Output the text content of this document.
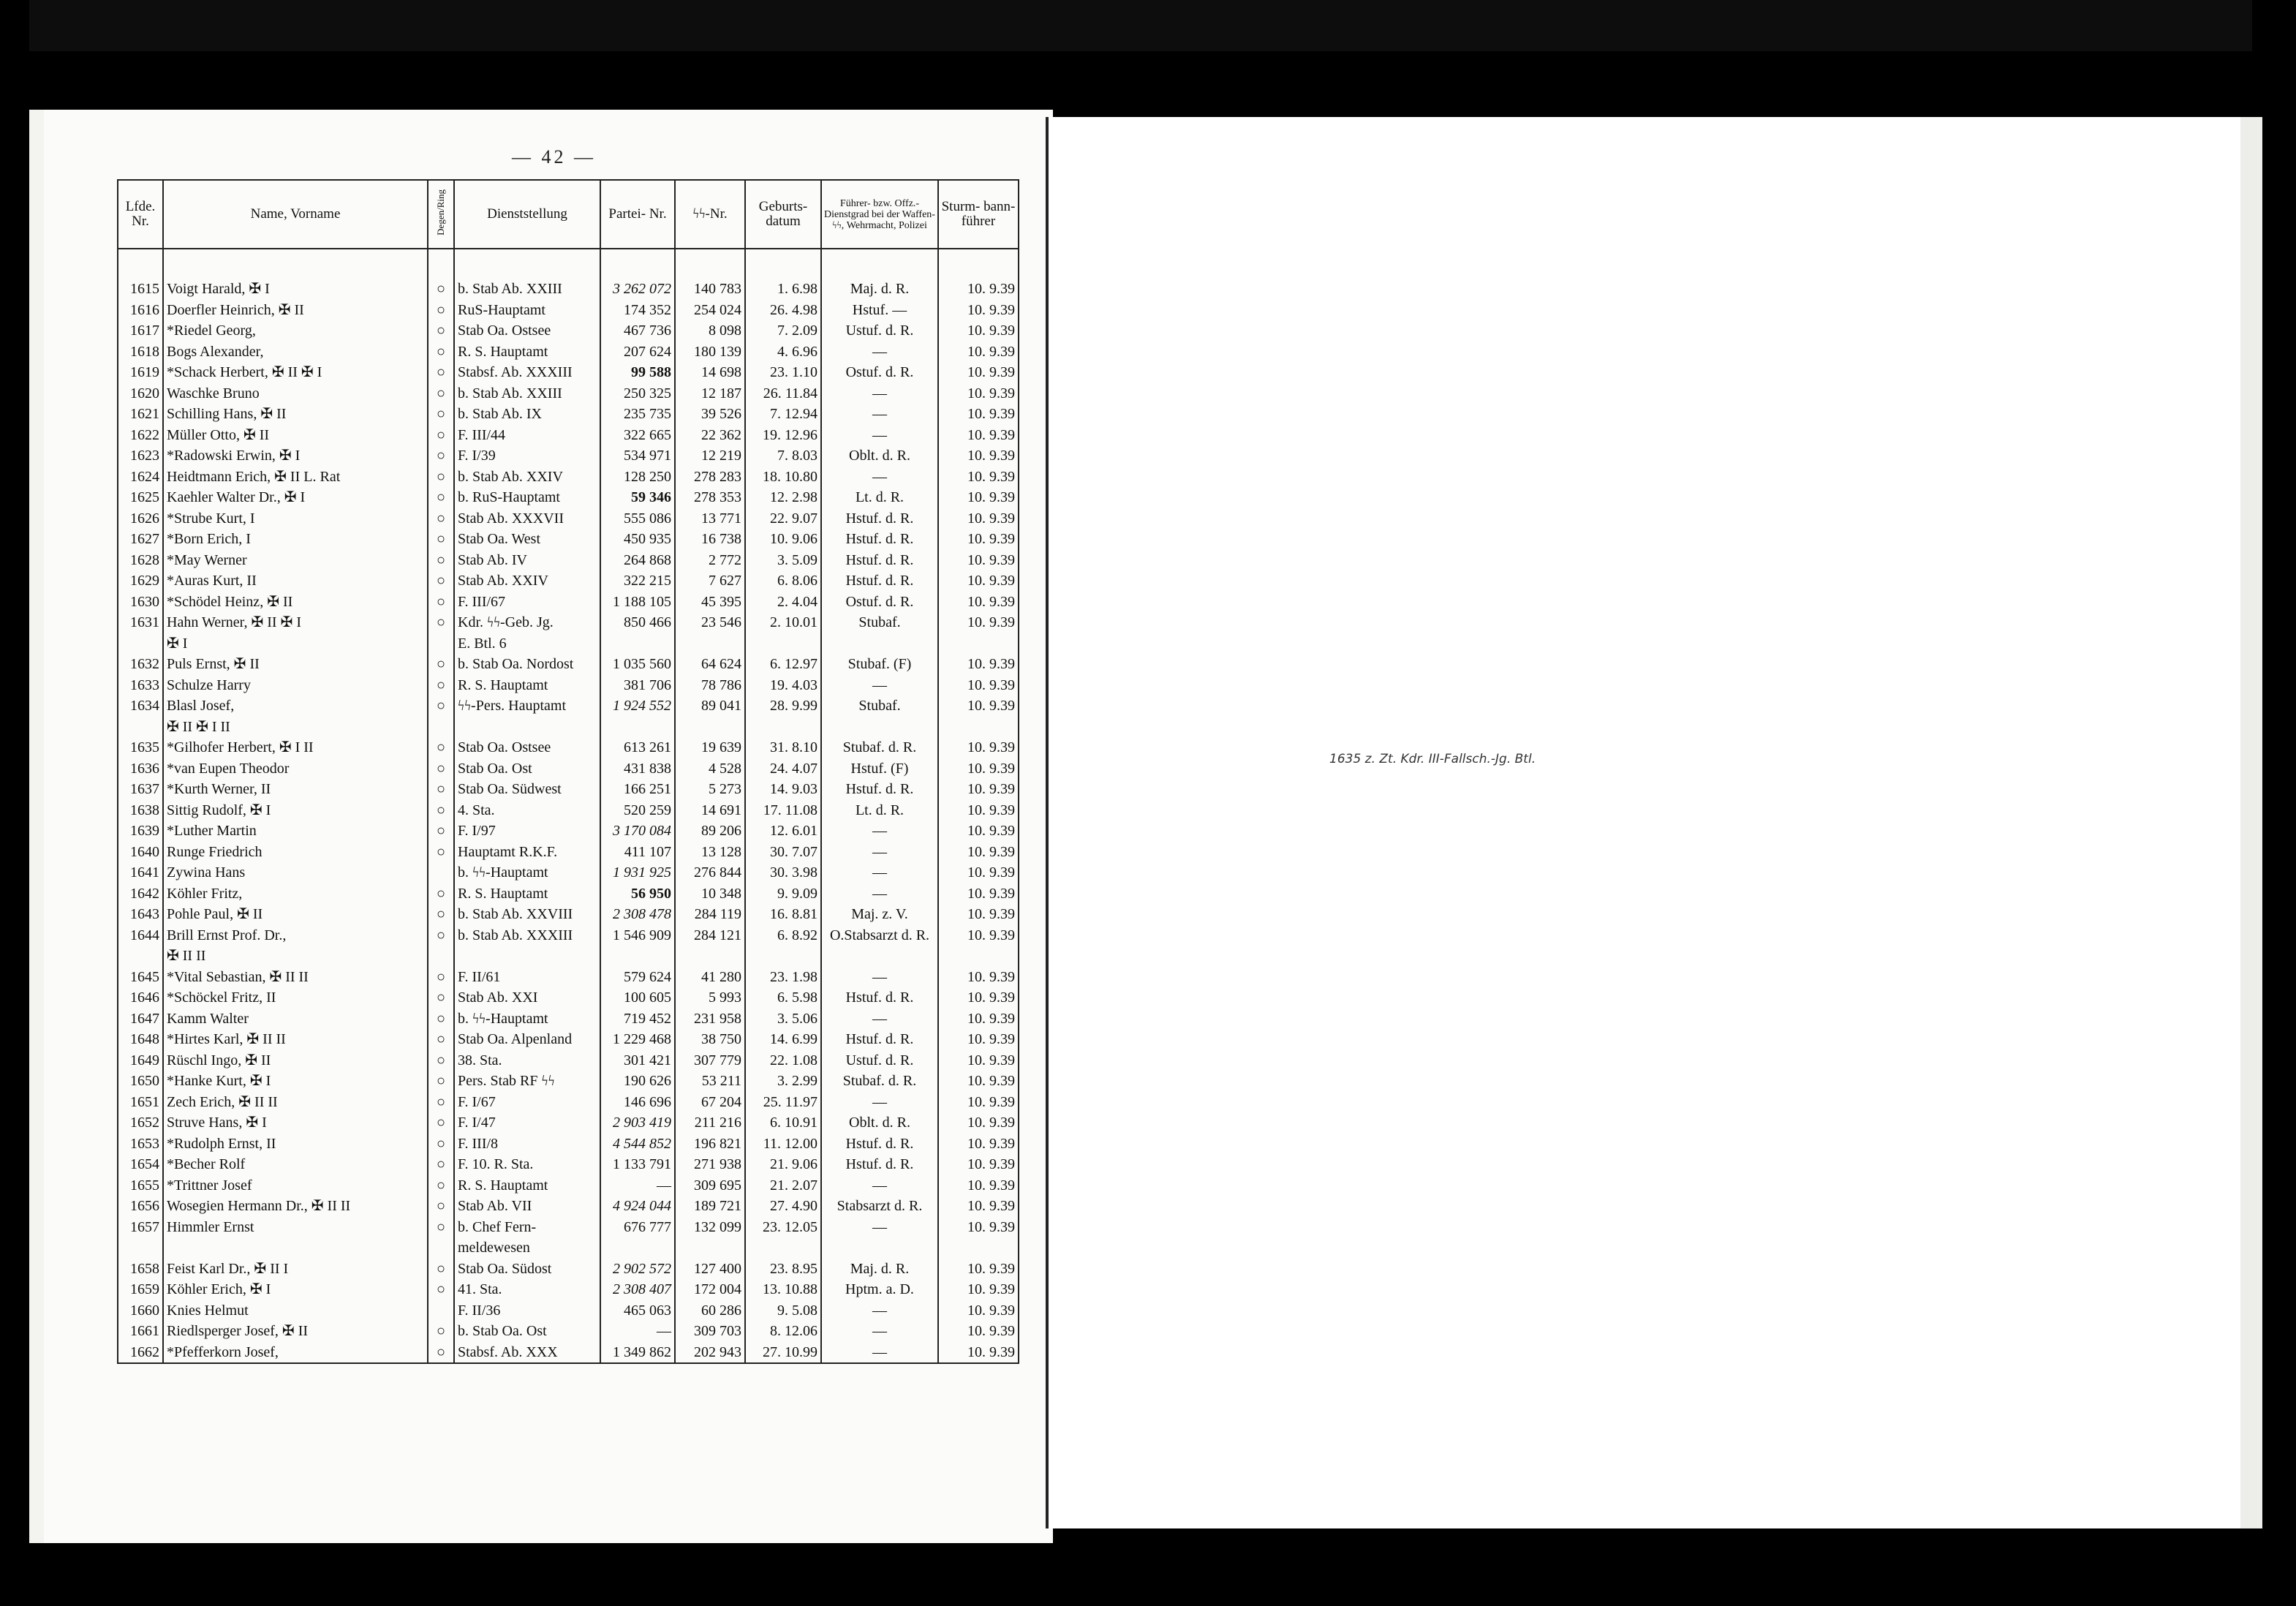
— 42 —
Lfde. Nr.	Name, Vorname	Degen/Ring	Dienststellung	Partei- Nr.	ϟϟ-Nr.	Geburts- datum	Führer- bzw. Offz.- Dienstgrad bei der Waffen-ϟϟ, Wehrmacht, Polizei	Sturm- bann- führer

1615	Voigt Harald, ✠ I	○	b. Stab Ab. XXIII	3 262 072	140 783	1. 6.98	Maj. d. R.	10. 9.39
1616	Doerfler Heinrich, ✠ II	○	RuS-Hauptamt	174 352	254 024	26. 4.98	Hstuf. —	10. 9.39
1617	*Riedel Georg,	○	Stab Oa. Ostsee	467 736	8 098	7. 2.09	Ustuf. d. R.	10. 9.39
1618	Bogs Alexander,	○	R. S. Hauptamt	207 624	180 139	4. 6.96	—	10. 9.39
1619	*Schack Herbert, ✠ II ✠ I	○	Stabsf. Ab. XXXIII	99 588	14 698	23. 1.10	Ostuf. d. R.	10. 9.39
1620	Waschke Bruno	○	b. Stab Ab. XXIII	250 325	12 187	26. 11.84	—	10. 9.39
1621	Schilling Hans, ✠ II	○	b. Stab Ab. IX	235 735	39 526	7. 12.94	—	10. 9.39
1622	Müller Otto, ✠ II	○	F. III/44	322 665	22 362	19. 12.96	—	10. 9.39
1623	*Radowski Erwin, ✠ I	○	F. I/39	534 971	12 219	7. 8.03	Oblt. d. R.	10. 9.39
1624	Heidtmann Erich, ✠ II L. Rat	○	b. Stab Ab. XXIV	128 250	278 283	18. 10.80	—	10. 9.39
1625	Kaehler Walter Dr., ✠ I	○	b. RuS-Hauptamt	59 346	278 353	12. 2.98	Lt. d. R.	10. 9.39
1626	*Strube Kurt, I	○	Stab Ab. XXXVII	555 086	13 771	22. 9.07	Hstuf. d. R.	10. 9.39
1627	*Born Erich, I	○	Stab Oa. West	450 935	16 738	10. 9.06	Hstuf. d. R.	10. 9.39
1628	*May Werner	○	Stab Ab. IV	264 868	2 772	3. 5.09	Hstuf. d. R.	10. 9.39
1629	*Auras Kurt, II	○	Stab Ab. XXIV	322 215	7 627	6. 8.06	Hstuf. d. R.	10. 9.39
1630	*Schödel Heinz, ✠ II	○	F. III/67	1 188 105	45 395	2. 4.04	Ostuf. d. R.	10. 9.39
1631	Hahn Werner, ✠ II ✠ I	○	Kdr. ϟϟ-Geb. Jg.	850 466	23 546	2. 10.01	Stubaf.	10. 9.39
	✠ I		E. Btl. 6					
1632	Puls Ernst, ✠ II	○	b. Stab Oa. Nordost	1 035 560	64 624	6. 12.97	Stubaf. (F)	10. 9.39
1633	Schulze Harry	○	R. S. Hauptamt	381 706	78 786	19. 4.03	—	10. 9.39
1634	Blasl Josef,	○	ϟϟ-Pers. Hauptamt	1 924 552	89 041	28. 9.99	Stubaf.	10. 9.39
	✠ II ✠ I II							
1635	*Gilhofer Herbert, ✠ I II	○	Stab Oa. Ostsee	613 261	19 639	31. 8.10	Stubaf. d. R.	10. 9.39
1636	*van Eupen Theodor	○	Stab Oa. Ost	431 838	4 528	24. 4.07	Hstuf. (F)	10. 9.39
1637	*Kurth Werner, II	○	Stab Oa. Südwest	166 251	5 273	14. 9.03	Hstuf. d. R.	10. 9.39
1638	Sittig Rudolf, ✠ I	○	4. Sta.	520 259	14 691	17. 11.08	Lt. d. R.	10. 9.39
1639	*Luther Martin	○	F. I/97	3 170 084	89 206	12. 6.01	—	10. 9.39
1640	Runge Friedrich	○	Hauptamt R.K.F.	411 107	13 128	30. 7.07	—	10. 9.39
1641	Zywina Hans		b. ϟϟ-Hauptamt	1 931 925	276 844	30. 3.98	—	10. 9.39
1642	Köhler Fritz,	○	R. S. Hauptamt	56 950	10 348	9. 9.09	—	10. 9.39
1643	Pohle Paul, ✠ II	○	b. Stab Ab. XXVIII	2 308 478	284 119	16. 8.81	Maj. z. V.	10. 9.39
1644	Brill Ernst Prof. Dr.,	○	b. Stab Ab. XXXIII	1 546 909	284 121	6. 8.92	O.Stabsarzt d. R.	10. 9.39
	✠ II II							
1645	*Vital Sebastian, ✠ II II	○	F. II/61	579 624	41 280	23. 1.98	—	10. 9.39
1646	*Schöckel Fritz, II	○	Stab Ab. XXI	100 605	5 993	6. 5.98	Hstuf. d. R.	10. 9.39
1647	Kamm Walter	○	b. ϟϟ-Hauptamt	719 452	231 958	3. 5.06	—	10. 9.39
1648	*Hirtes Karl, ✠ II II	○	Stab Oa. Alpenland	1 229 468	38 750	14. 6.99	Hstuf. d. R.	10. 9.39
1649	Rüschl Ingo, ✠ II	○	38. Sta.	301 421	307 779	22. 1.08	Ustuf. d. R.	10. 9.39
1650	*Hanke Kurt, ✠ I	○	Pers. Stab RF ϟϟ	190 626	53 211	3. 2.99	Stubaf. d. R.	10. 9.39
1651	Zech Erich, ✠ II II	○	F. I/67	146 696	67 204	25. 11.97	—	10. 9.39
1652	Struve Hans, ✠ I	○	F. I/47	2 903 419	211 216	6. 10.91	Oblt. d. R.	10. 9.39
1653	*Rudolph Ernst, II	○	F. III/8	4 544 852	196 821	11. 12.00	Hstuf. d. R.	10. 9.39
1654	*Becher Rolf	○	F. 10. R. Sta.	1 133 791	271 938	21. 9.06	Hstuf. d. R.	10. 9.39
1655	*Trittner Josef	○	R. S. Hauptamt	—	309 695	21. 2.07	—	10. 9.39
1656	Wosegien Hermann Dr., ✠ II II	○	Stab Ab. VII	4 924 044	189 721	27. 4.90	Stabsarzt d. R.	10. 9.39
1657	Himmler Ernst	○	b. Chef Fern-	676 777	132 099	23. 12.05	—	10. 9.39
			meldewesen					
1658	Feist Karl Dr., ✠ II I	○	Stab Oa. Südost	2 902 572	127 400	23. 8.95	Maj. d. R.	10. 9.39
1659	Köhler Erich, ✠ I	○	41. Sta.	2 308 407	172 004	13. 10.88	Hptm. a. D.	10. 9.39
1660	Knies Helmut		F. II/36	465 063	60 286	9. 5.08	—	10. 9.39
1661	Riedlsperger Josef, ✠ II	○	b. Stab Oa. Ost	—	309 703	8. 12.06	—	10. 9.39
1662	*Pfefferkorn Josef,	○	Stabsf. Ab. XXX	1 349 862	202 943	27. 10.99	—	10. 9.39
1635 z. Zt. Kdr. III-Fallsch.-Jg. Btl.
